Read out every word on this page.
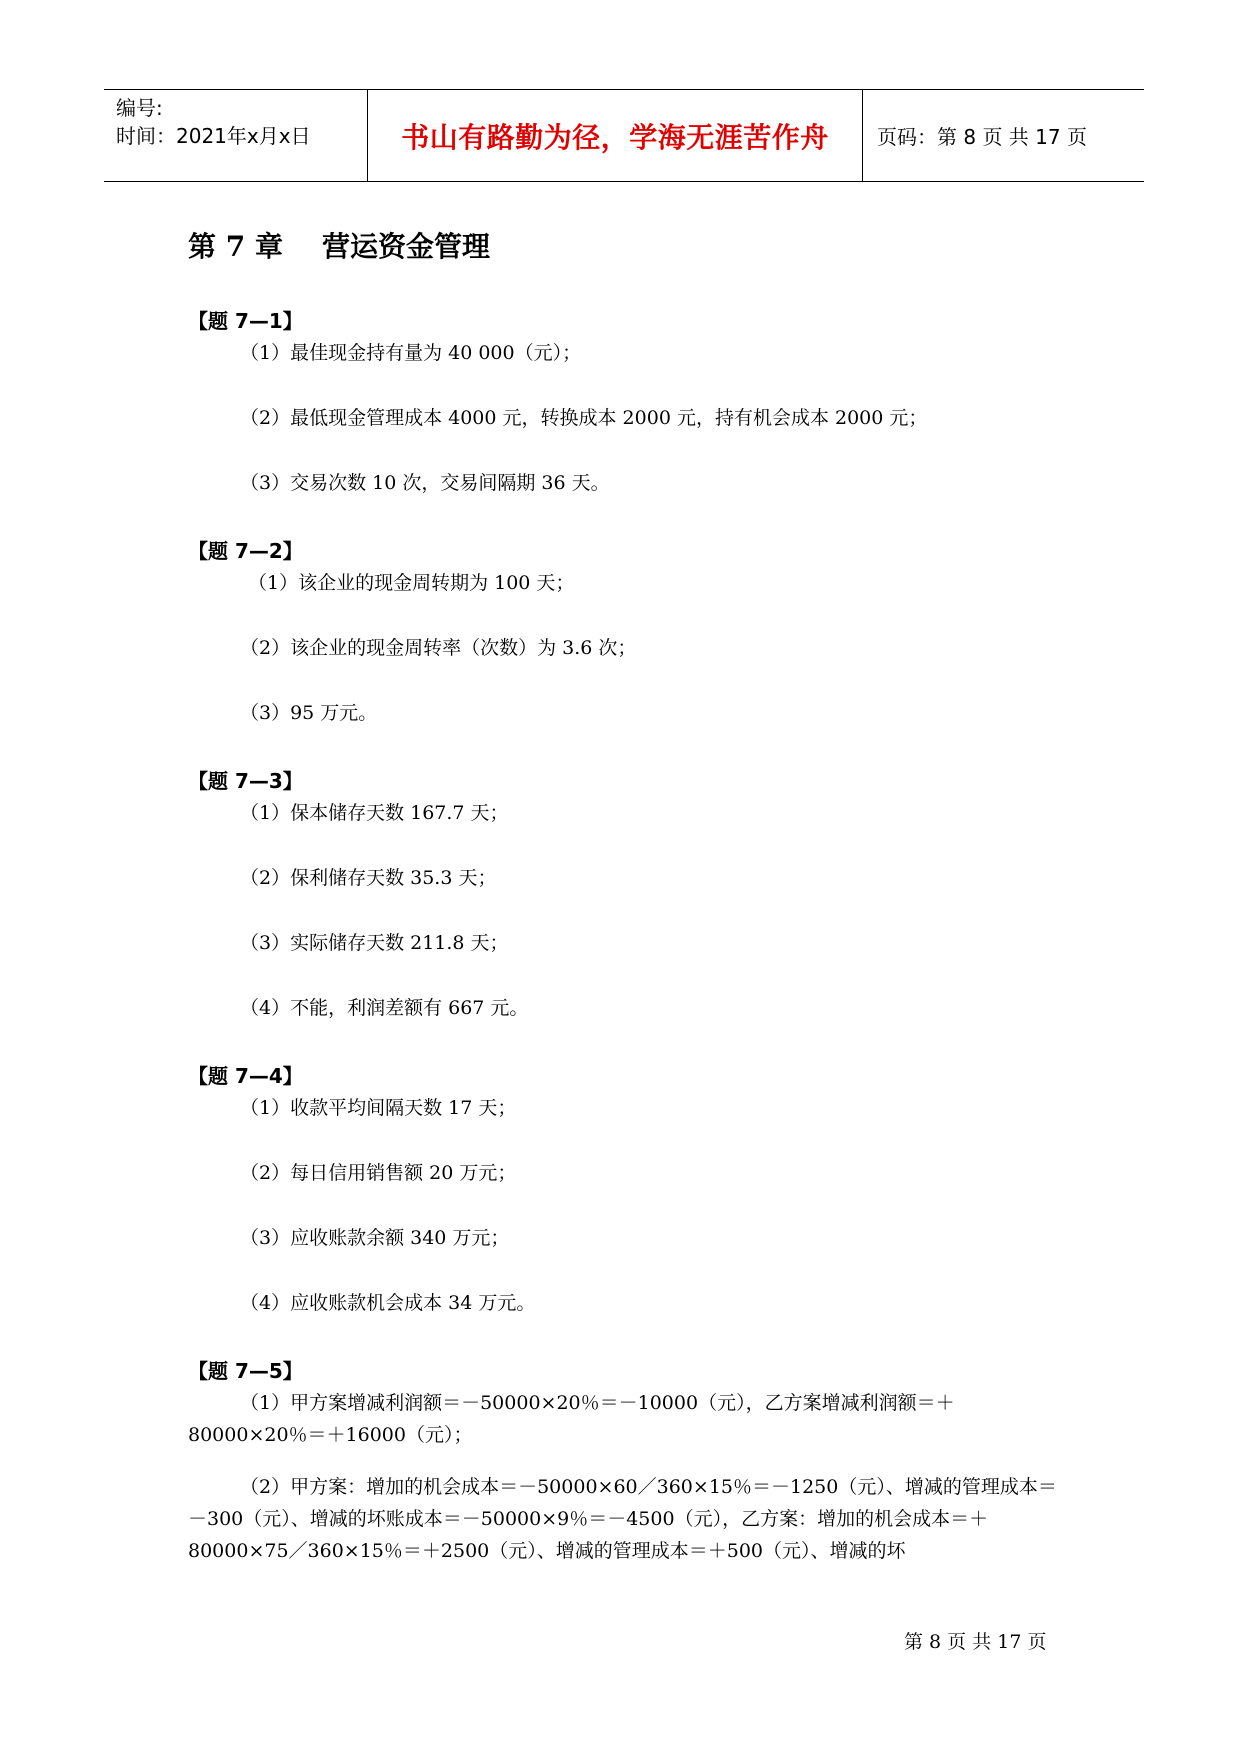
编号:
时间：2021年x月x日	书山有路勤为径，学海无涯苦作舟	页码：第 8 页 共 17 页
第 7 章    营运资金管理
【题 7—1】
（1）最佳现金持有量为 40 000（元）；
（2）最低现金管理成本 4000 元，转换成本 2000 元，持有机会成本 2000 元；
（3）交易次数 10 次，交易间隔期 36 天。
【题 7—2】
（1）该企业的现金周转期为 100 天；
（2）该企业的现金周转率（次数）为 3.6 次；
（3）95 万元。
【题 7—3】
（1）保本储存天数 167.7 天；
（2）保利储存天数 35.3 天；
（3）实际储存天数 211.8 天；
（4）不能，利润差额有 667 元。
【题 7—4】
（1）收款平均间隔天数 17 天；
（2）每日信用销售额 20 万元；
（3）应收账款余额 340 万元；
（4）应收账款机会成本 34 万元。
【题 7—5】
（1）甲方案增减利润额＝－50000×20％＝－10000（元），乙方案增减利润额＝＋80000×20％＝＋16000（元）；
（2）甲方案：增加的机会成本＝－50000×60／360×15％＝－1250（元）、增减的管理成本＝－300（元）、增减的坏账成本＝－50000×9％＝－4500（元），乙方案：增加的机会成本＝＋80000×75／360×15％＝＋2500（元）、增减的管理成本＝＋500（元）、增减的坏
第 8 页 共 17 页
